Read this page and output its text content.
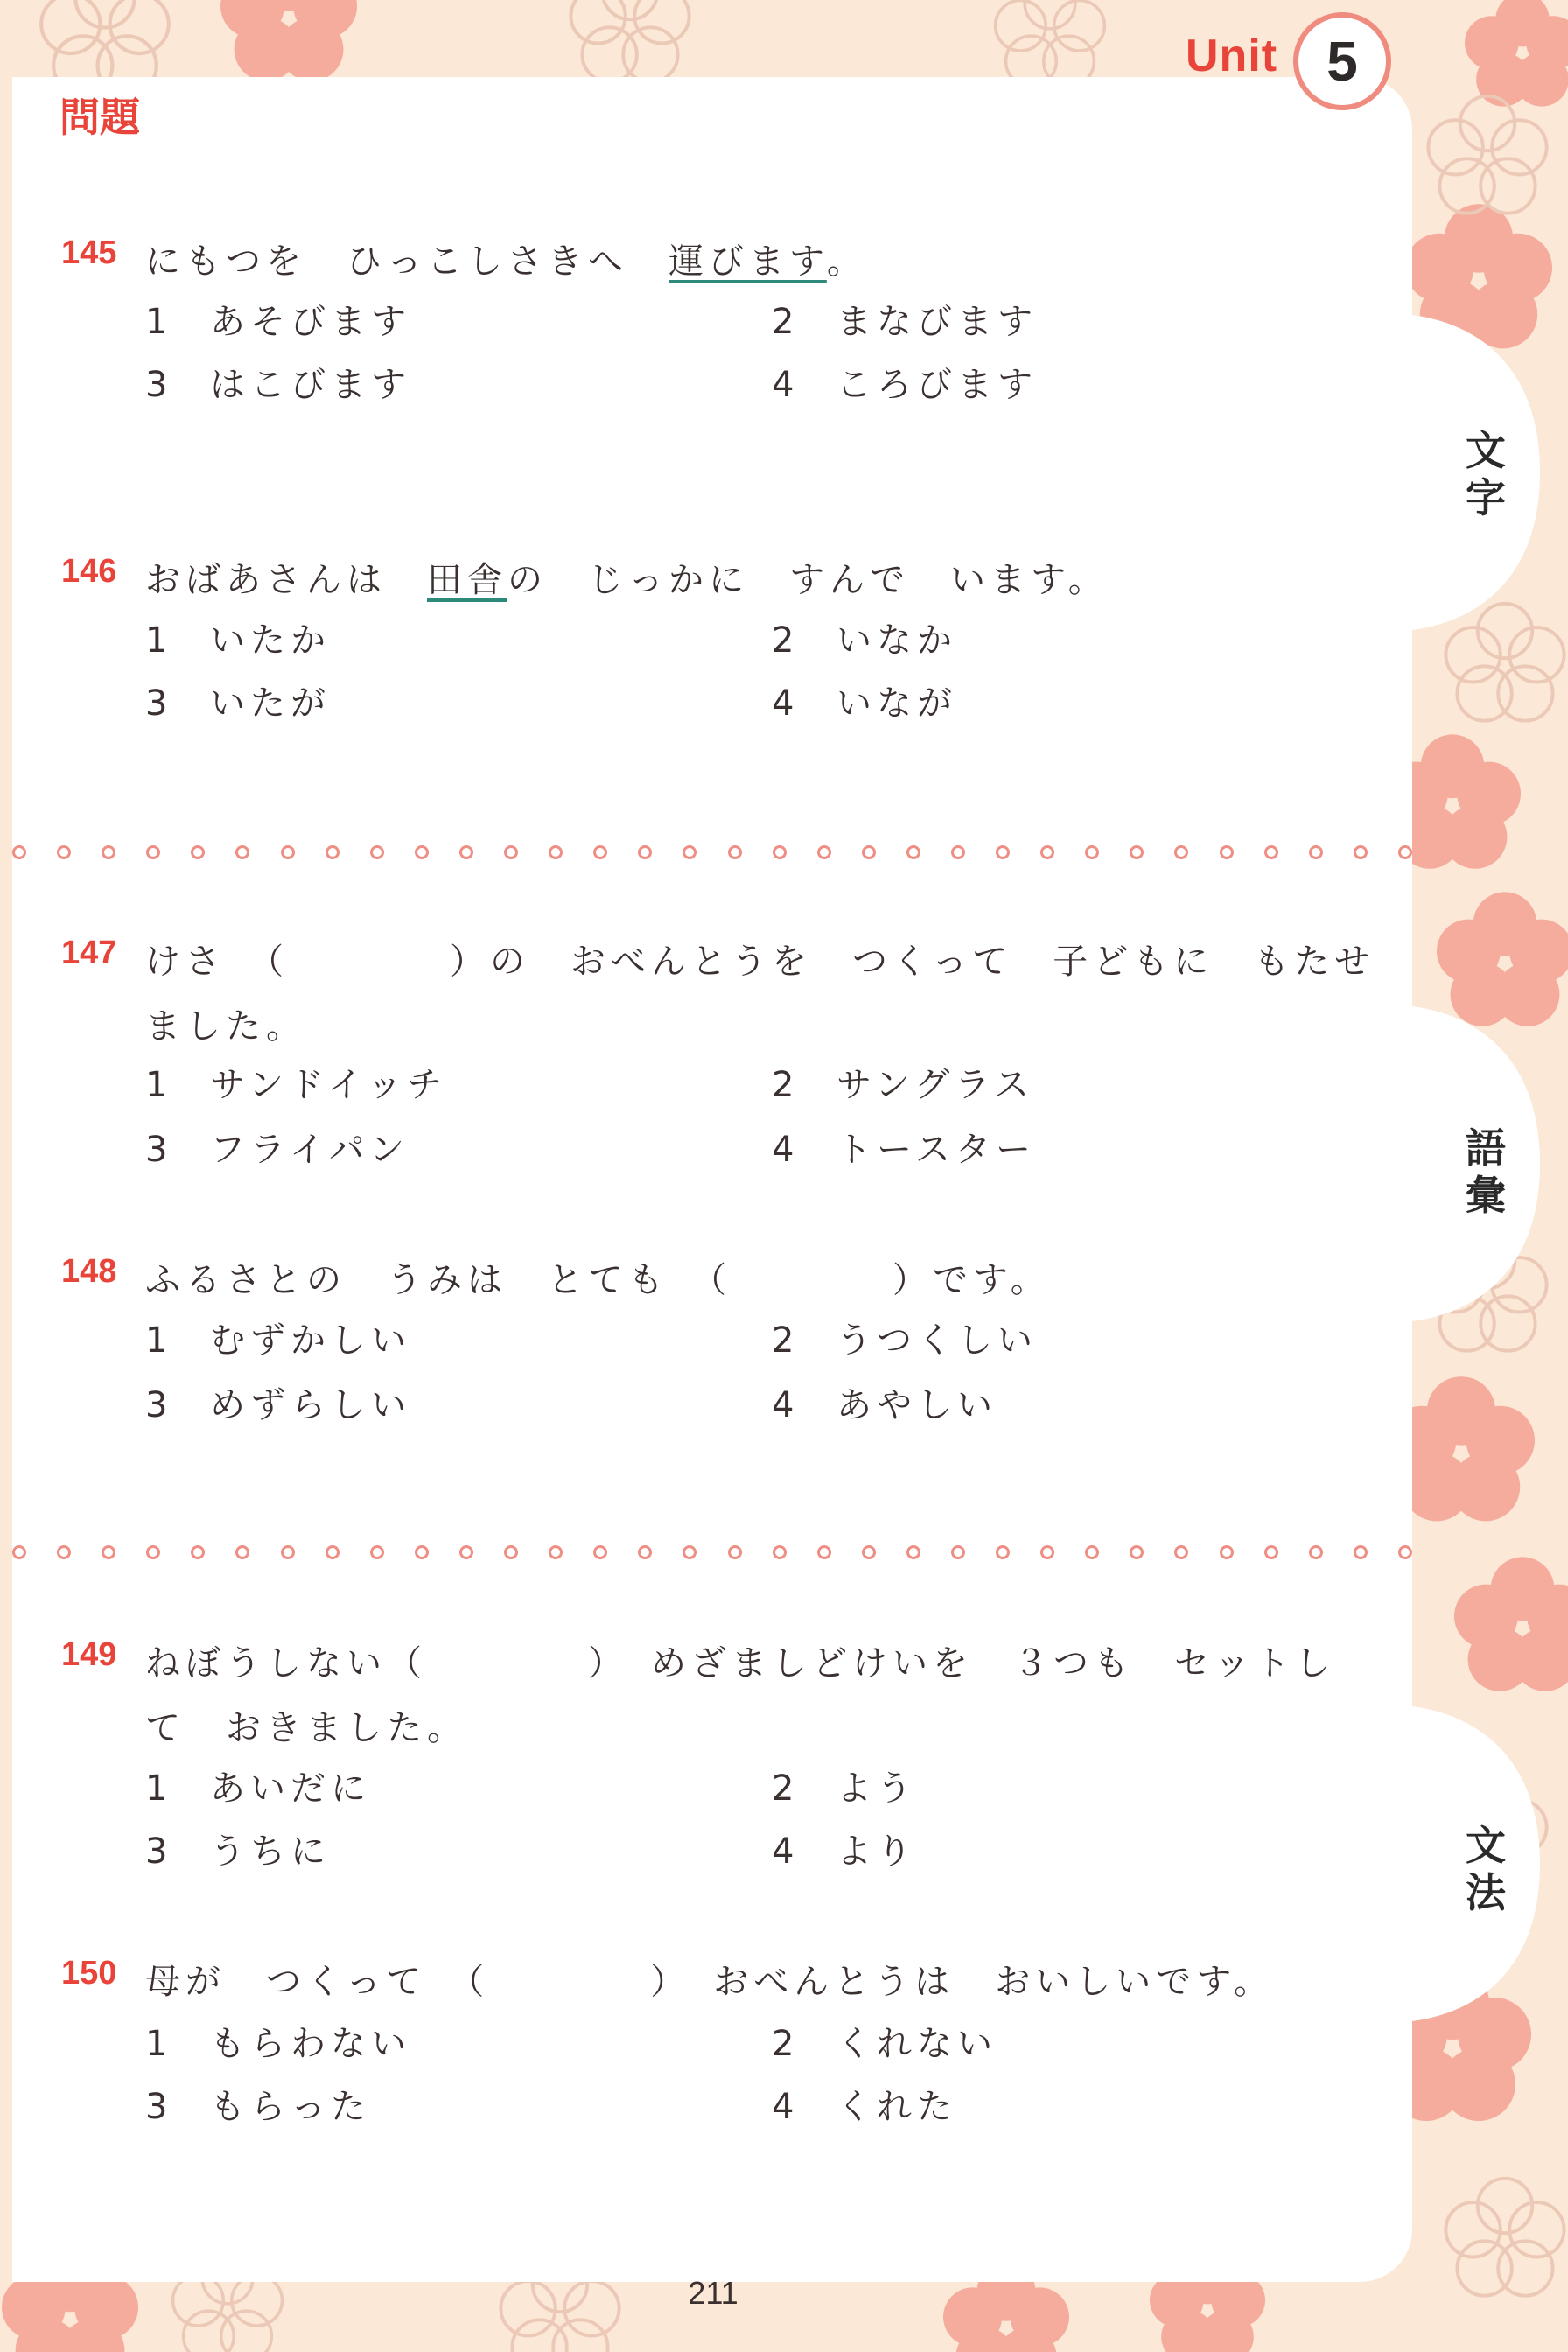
Unit 5
問題
文
字
語
彙
文
法
145 にもつを　ひっこしさきへ　運びます。
1 あそびます	2 まなびます
3 はこびます	4 ころびます
146 おばあさんは　田舎の　じっかに　すんで　います。
1 いたか	2 いなか
3 いたが	4 いなが
147 けさ　（　　　　）の　おべんとうを　つくって　子どもに　もたせ
ました。
1 サンドイッチ	2 サングラス
3 フライパン	4 トースター
148 ふるさとの　うみは　とても　（　　　　）です。
1 むずかしい	2 うつくしい
3 めずらしい	4 あやしい
149 ねぼうしない（　　　　）　めざましどけいを　３つも　セットし
て　おきました。
1 あいだに	2 よう
3 うちに	4 より
150 母が　つくって　（　　　　）　おべんとうは　おいしいです。
1 もらわない	2 くれない
3 もらった	4 くれた
211
